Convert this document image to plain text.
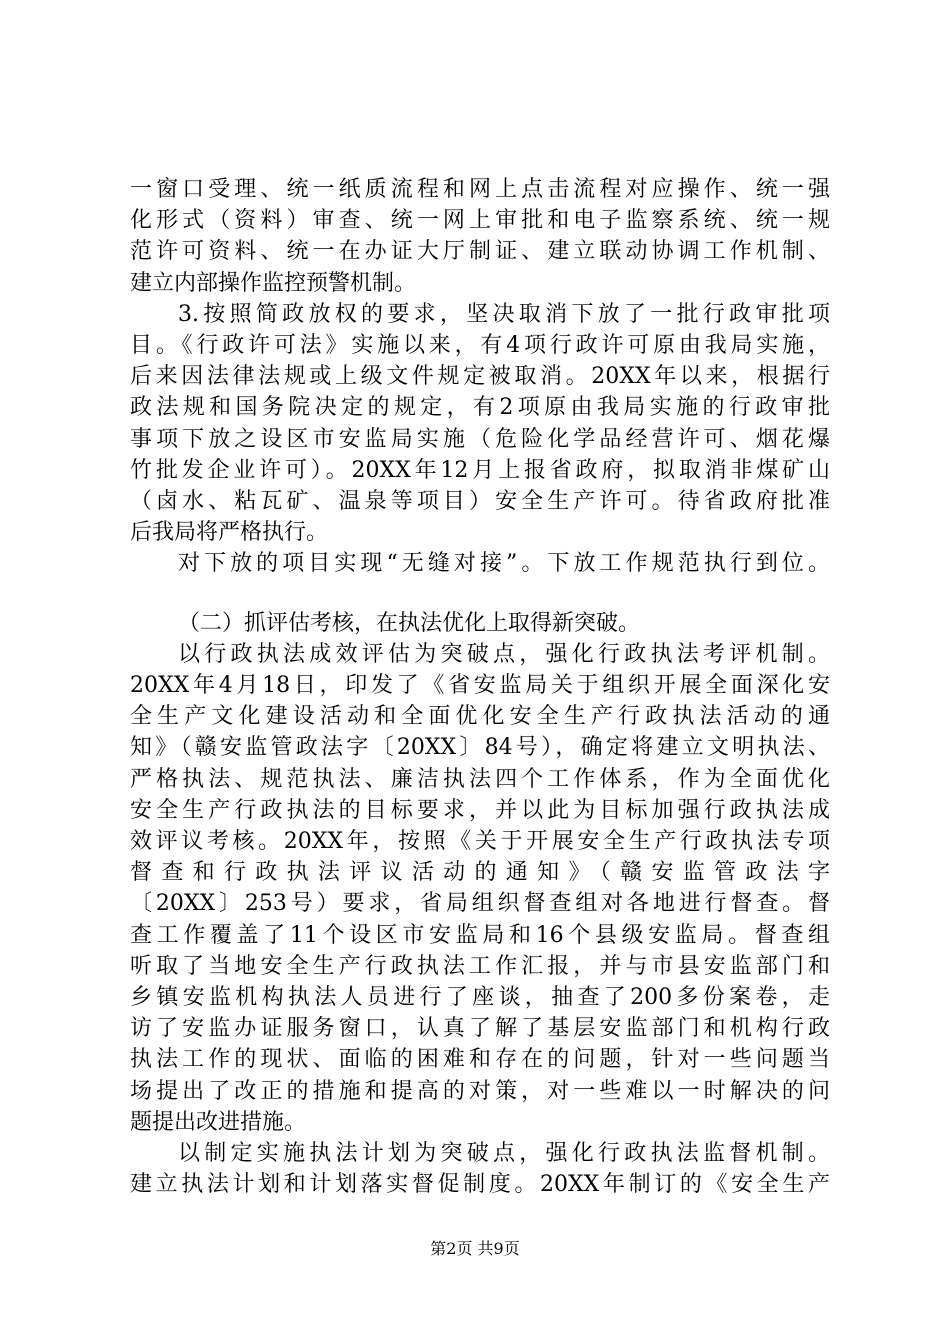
一窗口受理、统一纸质流程和网上点击流程对应操作、统一强
化形式（资料）审查、统一网上审批和电子监察系统、统一规
范许可资料、统一在办证大厅制证、建立联动协调工作机制、
建立内部操作监控预警机制。
3.按照简政放权的要求，坚决取消下放了一批行政审批项
目。《行政许可法》实施以来，有4项行政许可原由我局实施，
后来因法律法规或上级文件规定被取消。20XX年以来，根据行
政法规和国务院决定的规定，有2项原由我局实施的行政审批
事项下放之设区市安监局实施（危险化学品经营许可、烟花爆
竹批发企业许可）。20XX年12月上报省政府，拟取消非煤矿山
（卤水、粘瓦矿、温泉等项目）安全生产许可。待省政府批准
后我局将严格执行。
对下放的项目实现“无缝对接”。下放工作规范执行到位。
（二）抓评估考核，在执法优化上取得新突破。
以行政执法成效评估为突破点，强化行政执法考评机制。
20XX年4月18日，印发了《省安监局关于组织开展全面深化安
全生产文化建设活动和全面优化安全生产行政执法活动的通
知》（赣安监管政法字〔20XX〕84号），确定将建立文明执法、
严格执法、规范执法、廉洁执法四个工作体系，作为全面优化
安全生产行政执法的目标要求，并以此为目标加强行政执法成
效评议考核。20XX年，按照《关于开展安全生产行政执法专项
督查和行政执法评议活动的通知》（赣安监管政法字
〔20XX〕253号）要求，省局组织督查组对各地进行督查。督
查工作覆盖了11个设区市安监局和16个县级安监局。督查组
听取了当地安全生产行政执法工作汇报，并与市县安监部门和
乡镇安监机构执法人员进行了座谈，抽查了200多份案卷，走
访了安监办证服务窗口，认真了解了基层安监部门和机构行政
执法工作的现状、面临的困难和存在的问题，针对一些问题当
场提出了改正的措施和提高的对策，对一些难以一时解决的问
题提出改进措施。
以制定实施执法计划为突破点，强化行政执法监督机制。
建立执法计划和计划落实督促制度。20XX年制订的《安全生产
第2页 共9页
